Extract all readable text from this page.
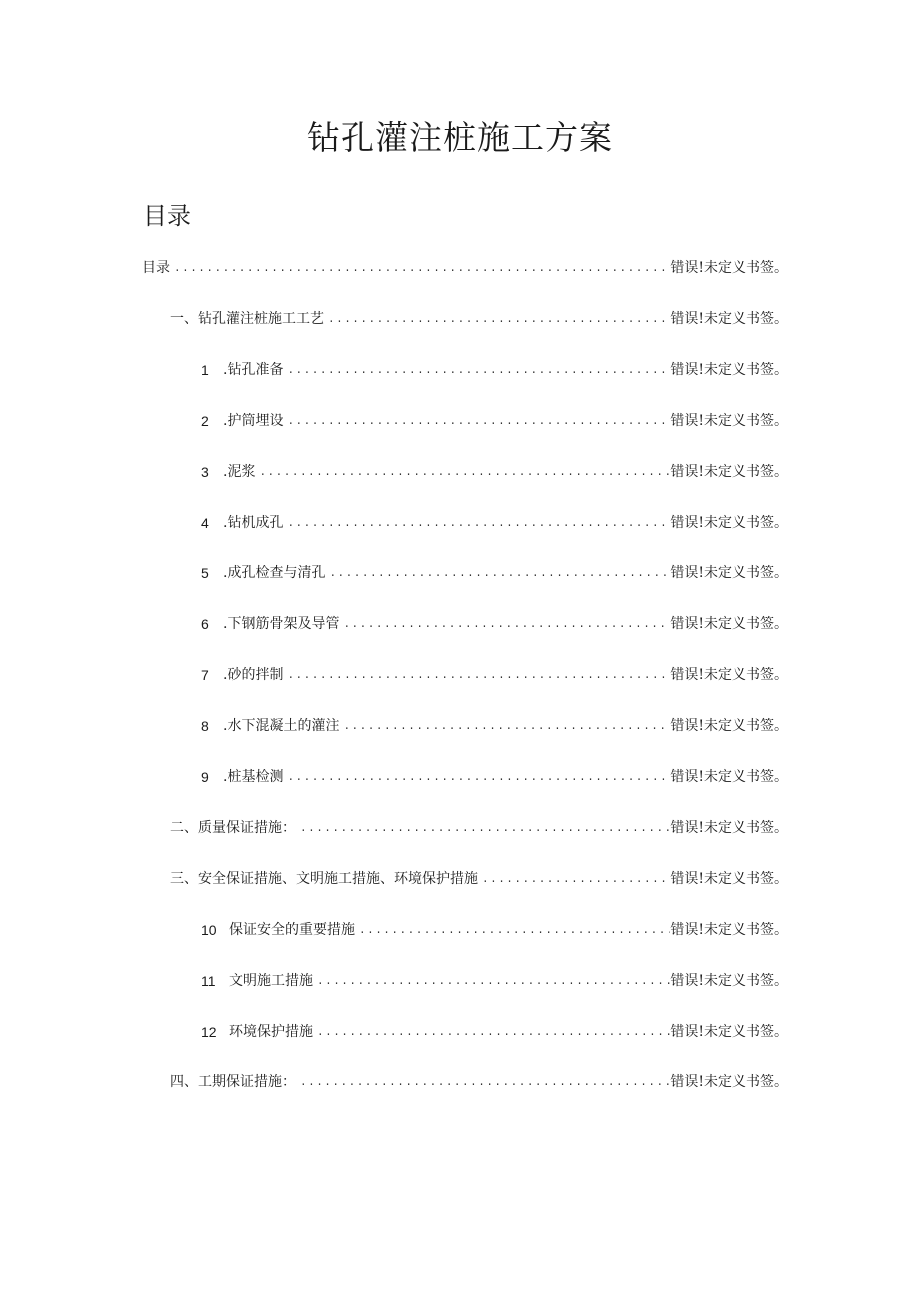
钻孔灌注桩施工方案
目录
目录 .....	错误!未定义书签。
一、钻孔灌注桩施工工艺 .....	错误!未定义书签。
1	.钻孔准备 .....	错误!未定义书签。
2	.护筒埋设 .....	错误!未定义书签。
3	.泥浆 .....	错误!未定义书签。
4	.钻机成孔 .....	错误!未定义书签。
5	.成孔检查与清孔 .....	错误!未定义书签。
6	.下钢筋骨架及导管 .....	错误!未定义书签。
7	.砂的拌制 .....	错误!未定义书签。
8	.水下混凝土的灌注 .....	错误!未定义书签。
9	.桩基检测 .....	错误!未定义书签。
二、质量保证措施： .....	错误!未定义书签。
三、安全保证措施、文明施工措施、环境保护措施 .....	错误!未定义书签。
10 保证安全的重要措施 .....	错误!未定义书签。
11 文明施工措施 .....	错误!未定义书签。
12 环境保护措施 .....	错误!未定义书签。
四、工期保证措施： .....	错误!未定义书签。
